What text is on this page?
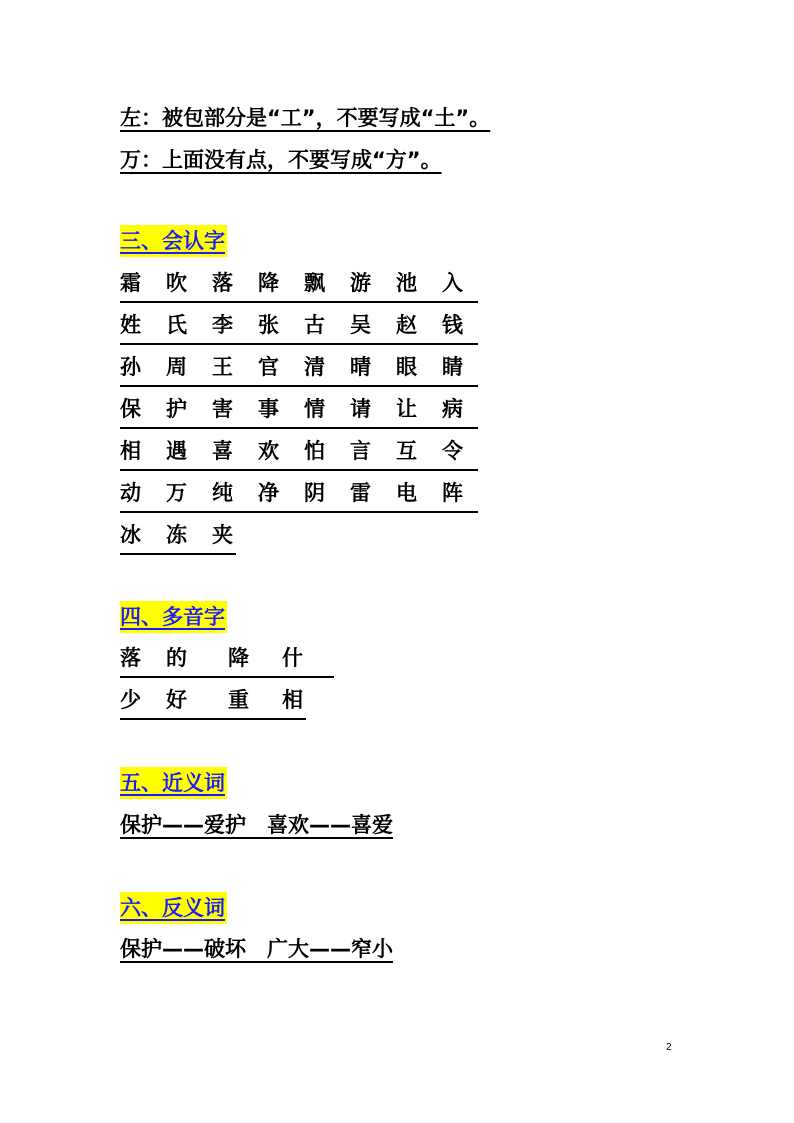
左：被包部分是“工”，不要写成“土”。
万：上面没有点，不要写成“方”。
三、会认字
霜	吹	落	降	飘	游	池	入
姓	氏	李	张	古	吴	赵	钱
孙	周	王	官	清	晴	眼	睛
保	护	害	事	情	请	让	病
相	遇	喜	欢	怕	言	互	令
动	万	纯	净	阴	雷	电	阵
冰	冻	夹
四、多音字
落	的	降	什
少	好	重	相
五、近义词
保护——爱护　喜欢——喜爱
六、反义词
保护——破坏　广大——窄小
2
